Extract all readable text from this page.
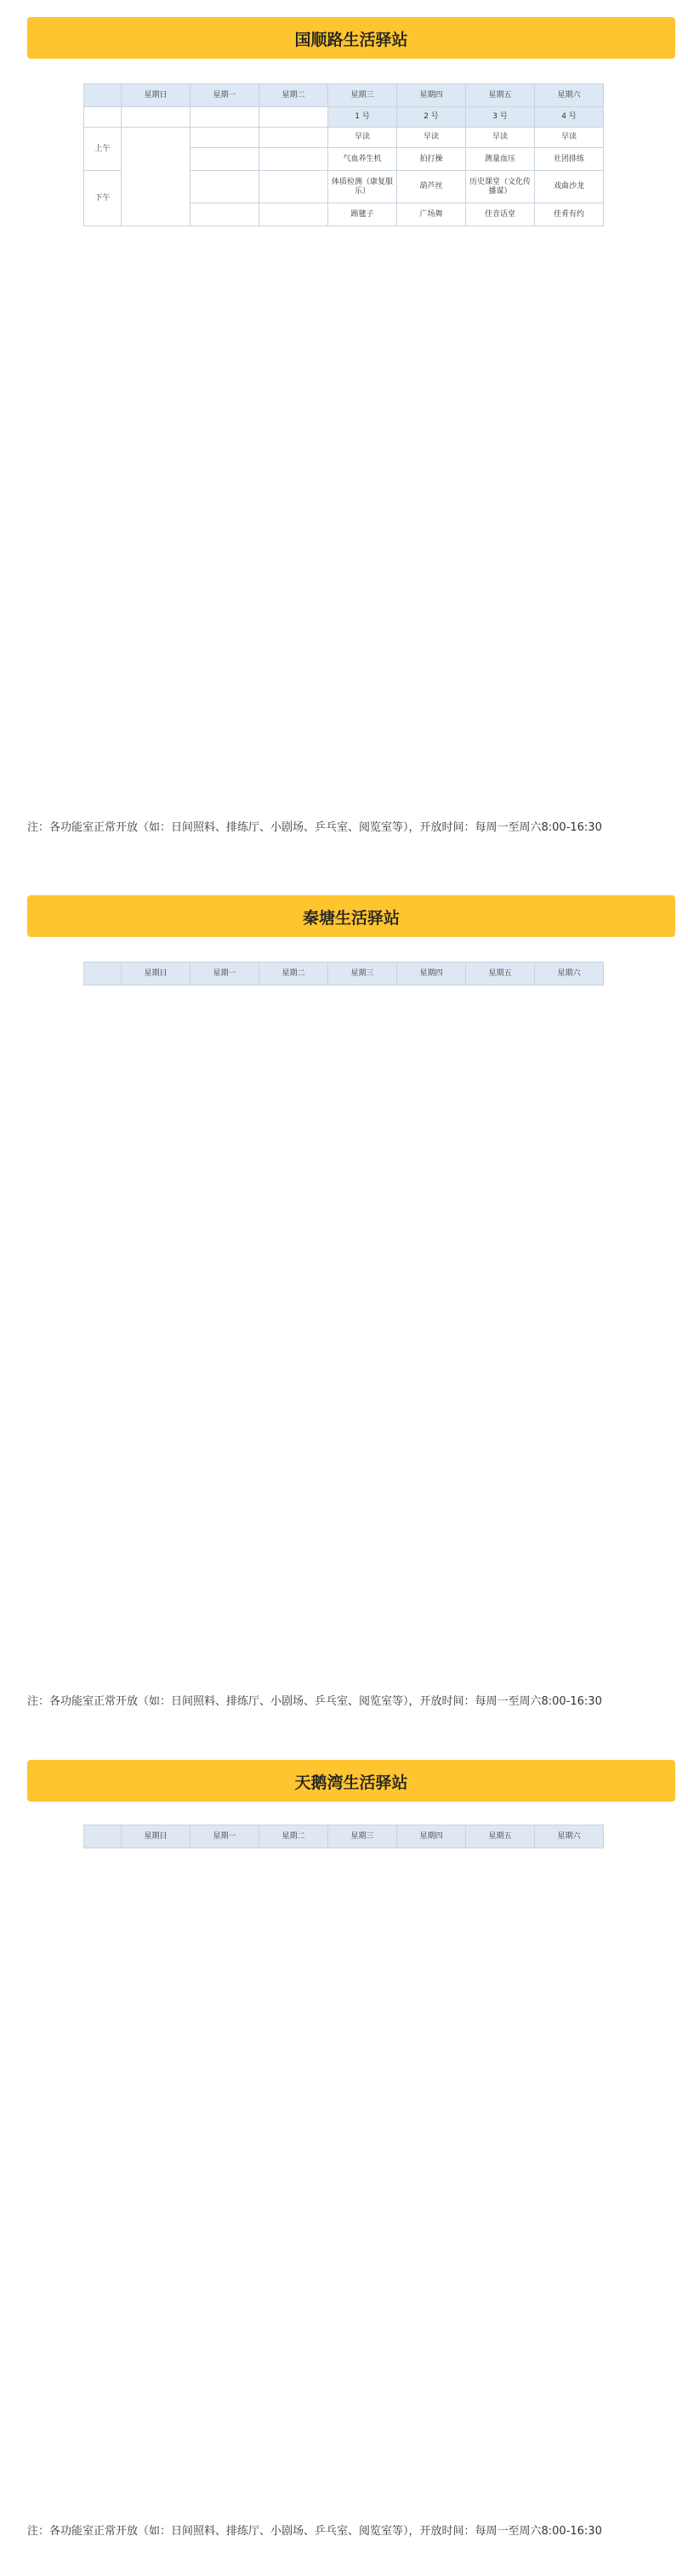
国顺路生活驿站
	星期日	星期一	星期二	星期三	星期四	星期五	星期六
				1 号	2 号	3 号	4 号
上午				早读	早读	早读	早读
				气血养生机	拍打操	测量血压	社团排练
下午				体质检测（康复服乐）	葫芦丝	历史课堂（文化传播谋）	戏曲沙龙
				踢毽子	广场舞	佳音话堂	佳肴有约
注：各功能室正常开放（如：日间照料、排练厅、小剧场、乒乓室、阅览室等），开放时间：每周一至周六8:00-16:30
秦塘生活驿站
	星期日	星期一	星期二	星期三	星期四	星期五	星期六
注：各功能室正常开放（如：日间照料、排练厅、小剧场、乒乓室、阅览室等），开放时间：每周一至周六8:00-16:30
天鹅湾生活驿站
	星期日	星期一	星期二	星期三	星期四	星期五	星期六
注：各功能室正常开放（如：日间照料、排练厅、小剧场、乒乓室、阅览室等），开放时间：每周一至周六8:00-16:30
